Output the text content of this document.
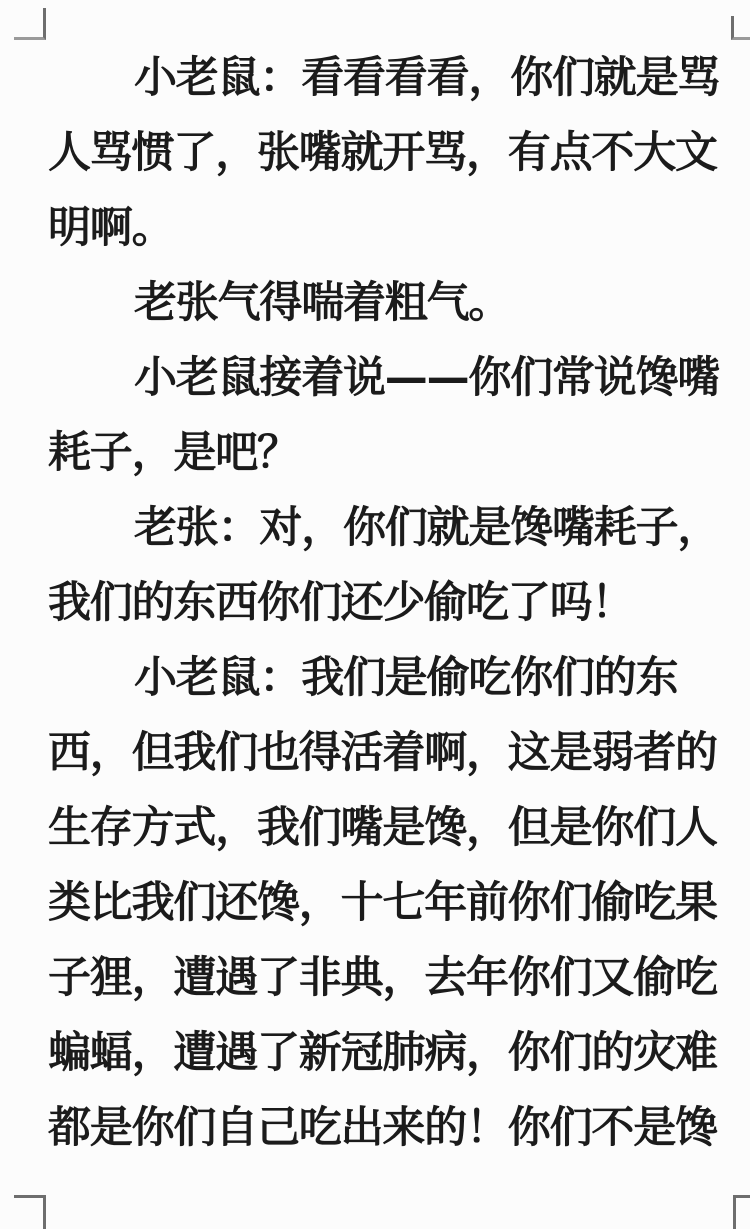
小老鼠：看看看看，你们就是骂
人骂惯了，张嘴就开骂，有点不大文
明啊。
老张气得喘着粗气。
小老鼠接着说——你们常说馋嘴
耗子，是吧？
老张：对，你们就是馋嘴耗子，
我们的东西你们还少偷吃了吗！
小老鼠：我们是偷吃你们的东
西，但我们也得活着啊，这是弱者的
生存方式，我们嘴是馋，但是你们人
类比我们还馋，十七年前你们偷吃果
子狸，遭遇了非典，去年你们又偷吃
蝙蝠，遭遇了新冠肺病，你们的灾难
都是你们自己吃出来的！你们不是馋
